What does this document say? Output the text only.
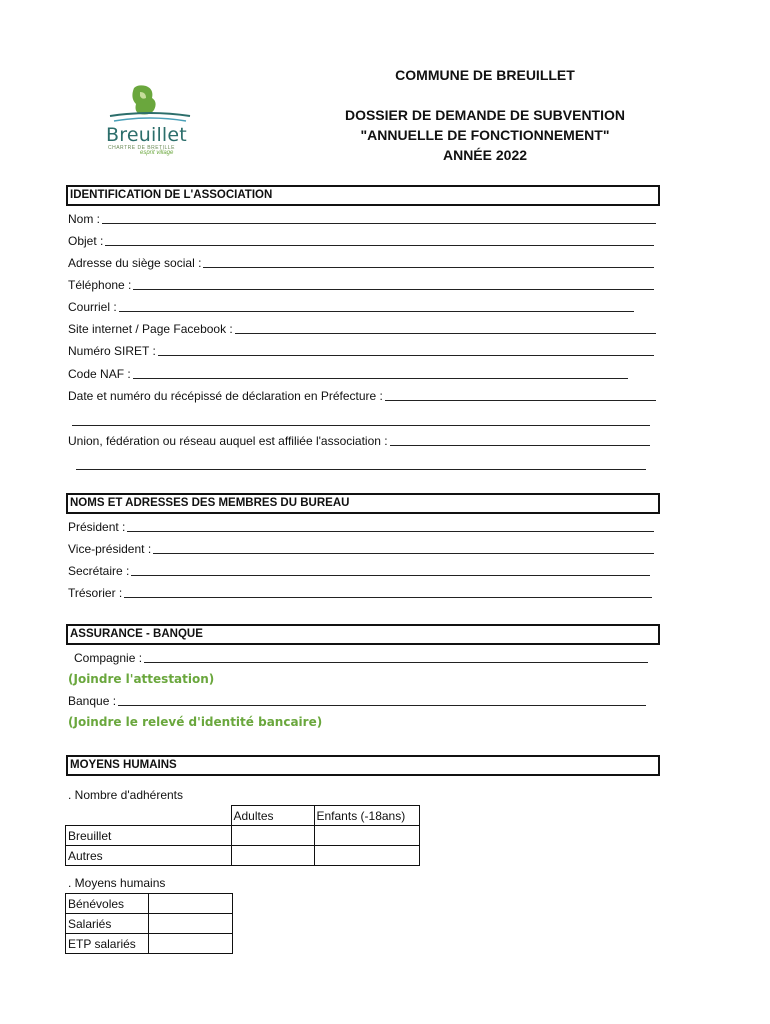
Breuillet
CHARTRE DE BRETILLE
esprit village
COMMUNE DE BREUILLET
DOSSIER DE DEMANDE DE SUBVENTION
"ANNUELLE DE FONCTIONNEMENT"
ANNÉE 2022
IDENTIFICATION DE L'ASSOCIATION
Nom :
Objet :
Adresse du siège social :
Téléphone :
Courriel :
Site internet / Page Facebook :
Numéro SIRET :
Code NAF :
Date et numéro du récépissé de déclaration en Préfecture :
Union, fédération ou réseau auquel est affiliée l'association :
NOMS ET ADRESSES DES MEMBRES DU BUREAU
Président :
Vice-président :
Secrétaire :
Trésorier :
ASSURANCE - BANQUE
Compagnie :
(Joindre l'attestation)
Banque :
(Joindre le relevé d'identité bancaire)
MOYENS HUMAINS
. Nombre d'adhérents
	Adultes	Enfants (-18ans)
Breuillet		
Autres		
. Moyens humains
Bénévoles	
Salariés	
ETP salariés	
